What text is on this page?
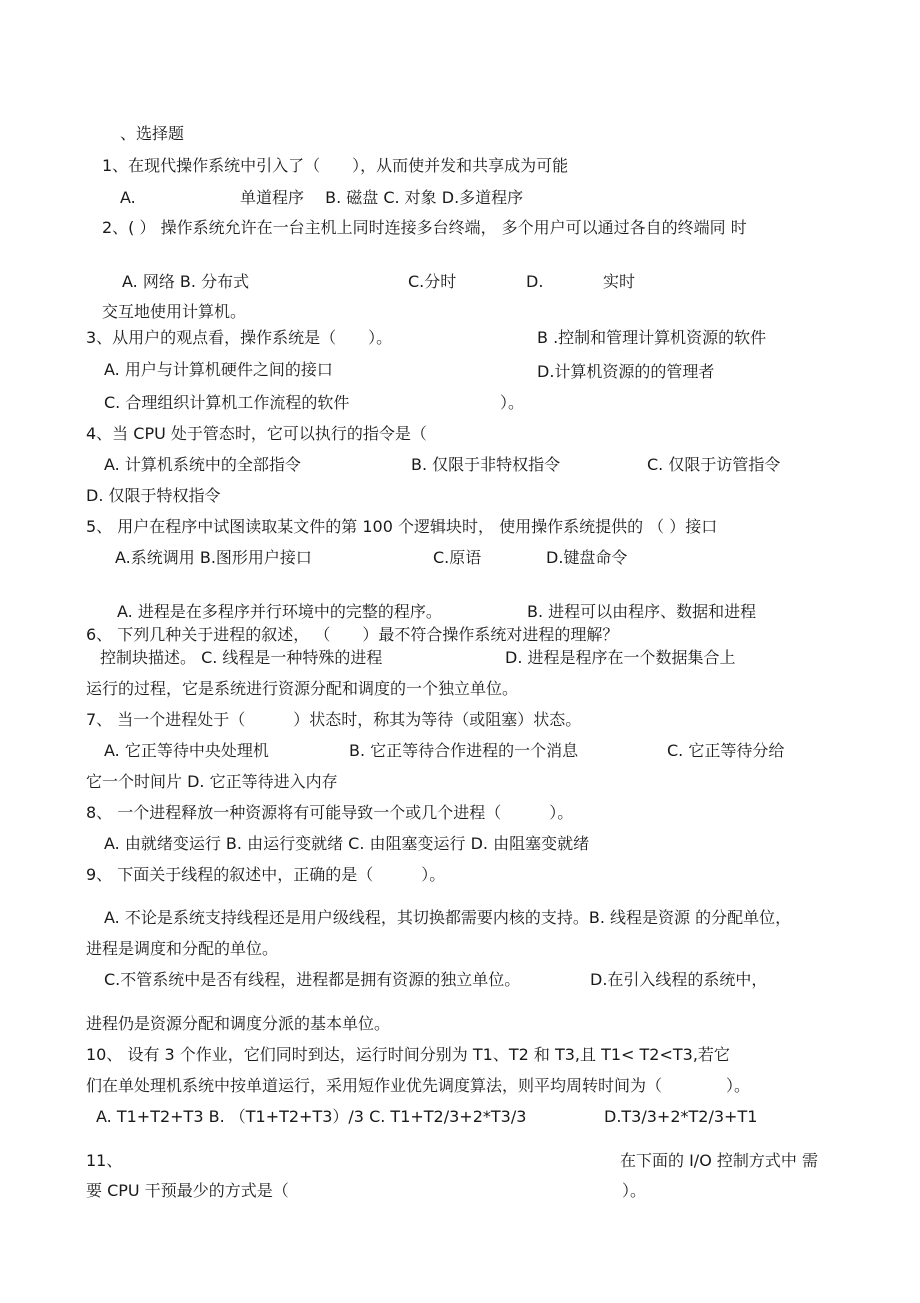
、选择题
1、在现代操作系统中引入了（　　），从而使并发和共享成为可能
A.	单道程序　 B. 磁盘 C. 对象 D.多道程序
2、( ） 操作系统允许在一台主机上同时连接多台终端， 多个用户可以通过各自的终端同 时
A. 网络 B. 分布式	C.分时	D.	实时
交互地使用计算机。
3、从用户的观点看，操作系统是（　　）。	B .控制和管理计算机资源的软件
A. 用户与计算机硬件之间的接口	D.计算机资源的的管理者
C. 合理组织计算机工作流程的软件	）。
4、当 CPU 处于管态时，它可以执行的指令是（
A. 计算机系统中的全部指令	B. 仅限于非特权指令	C. 仅限于访管指令
D. 仅限于特权指令
5、 用户在程序中试图读取某文件的第 100 个逻辑块时， 使用操作系统提供的 （ ）接口
A.系统调用 B.图形用户接口	C.原语	D.键盘命令
A. 进程是在多程序并行环境中的完整的程序。	B. 进程可以由程序、数据和进程
6、 下列几种关于进程的叙述， （　　）最不符合操作系统对进程的理解？
控制块描述。 C. 线程是一种特殊的进程	D. 进程是程序在一个数据集合上
运行的过程，它是系统进行资源分配和调度的一个独立单位。
7、 当一个进程处于（　　　）状态时，称其为等待（或阻塞）状态。
A. 它正等待中央处理机	B. 它正等待合作进程的一个消息	C. 它正等待分给
它一个时间片 D. 它正等待进入内存
8、 一个进程释放一种资源将有可能导致一个或几个进程（　　　）。
A. 由就绪变运行 B. 由运行变就绪 C. 由阻塞变运行 D. 由阻塞变就绪
9、 下面关于线程的叙述中，正确的是（　　　）。
A. 不论是系统支持线程还是用户级线程，其切换都需要内核的支持。B. 线程是资源 的分配单位，
进程是调度和分配的单位。
C.不管系统中是否有线程，进程都是拥有资源的独立单位。	D.在引入线程的系统中，
进程仍是资源分配和调度分派的基本单位。
10、 设有 3 个作业，它们同时到达，运行时间分别为 T1、T2 和 T3,且 T1< T2<T3,若它
们在单处理机系统中按单道运行，采用短作业优先调度算法，则平均周转时间为（　　　　）。
A. T1+T2+T3 B. （T1+T2+T3）/3 C. T1+T2/3+2*T3/3	D.T3/3+2*T2/3+T1
11、	在下面的 I/O 控制方式中 需
要 CPU 干预最少的方式是（	）。
